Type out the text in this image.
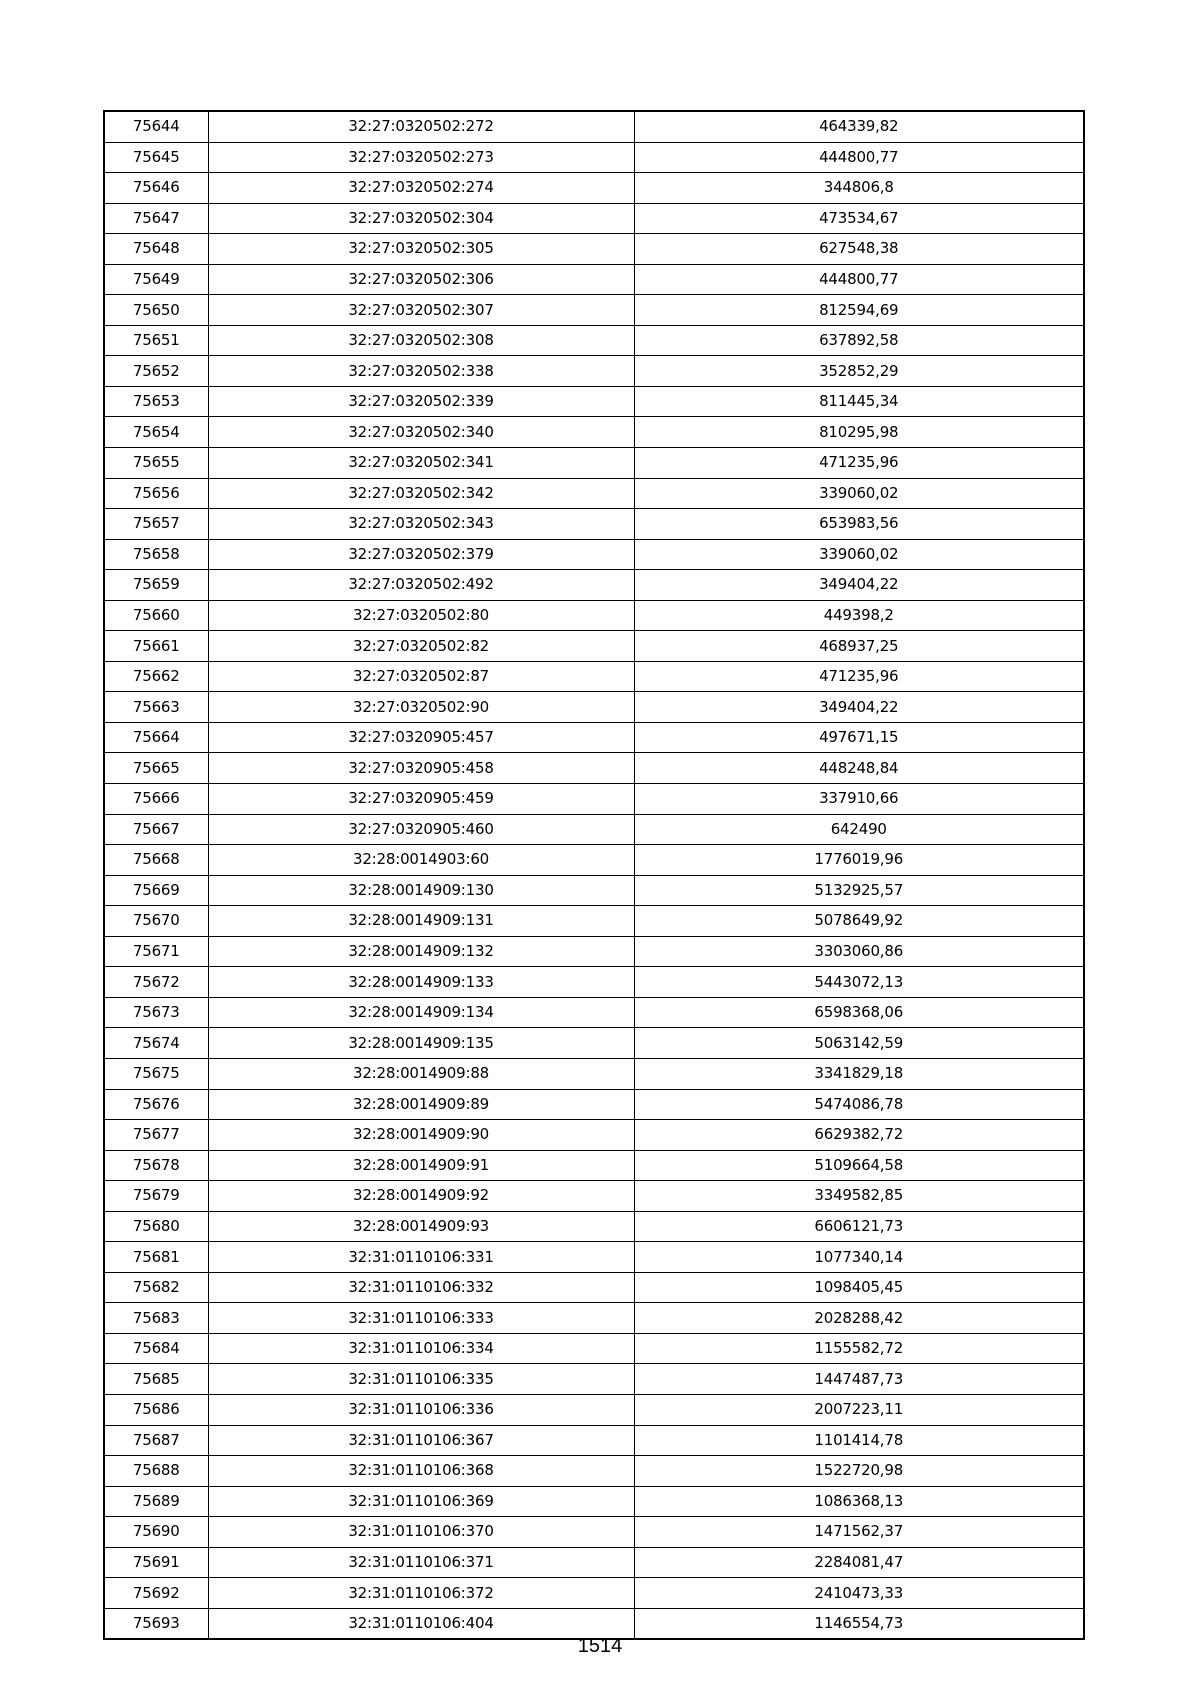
75644	32:27:0320502:272	464339,82
75645	32:27:0320502:273	444800,77
75646	32:27:0320502:274	344806,8
75647	32:27:0320502:304	473534,67
75648	32:27:0320502:305	627548,38
75649	32:27:0320502:306	444800,77
75650	32:27:0320502:307	812594,69
75651	32:27:0320502:308	637892,58
75652	32:27:0320502:338	352852,29
75653	32:27:0320502:339	811445,34
75654	32:27:0320502:340	810295,98
75655	32:27:0320502:341	471235,96
75656	32:27:0320502:342	339060,02
75657	32:27:0320502:343	653983,56
75658	32:27:0320502:379	339060,02
75659	32:27:0320502:492	349404,22
75660	32:27:0320502:80	449398,2
75661	32:27:0320502:82	468937,25
75662	32:27:0320502:87	471235,96
75663	32:27:0320502:90	349404,22
75664	32:27:0320905:457	497671,15
75665	32:27:0320905:458	448248,84
75666	32:27:0320905:459	337910,66
75667	32:27:0320905:460	642490
75668	32:28:0014903:60	1776019,96
75669	32:28:0014909:130	5132925,57
75670	32:28:0014909:131	5078649,92
75671	32:28:0014909:132	3303060,86
75672	32:28:0014909:133	5443072,13
75673	32:28:0014909:134	6598368,06
75674	32:28:0014909:135	5063142,59
75675	32:28:0014909:88	3341829,18
75676	32:28:0014909:89	5474086,78
75677	32:28:0014909:90	6629382,72
75678	32:28:0014909:91	5109664,58
75679	32:28:0014909:92	3349582,85
75680	32:28:0014909:93	6606121,73
75681	32:31:0110106:331	1077340,14
75682	32:31:0110106:332	1098405,45
75683	32:31:0110106:333	2028288,42
75684	32:31:0110106:334	1155582,72
75685	32:31:0110106:335	1447487,73
75686	32:31:0110106:336	2007223,11
75687	32:31:0110106:367	1101414,78
75688	32:31:0110106:368	1522720,98
75689	32:31:0110106:369	1086368,13
75690	32:31:0110106:370	1471562,37
75691	32:31:0110106:371	2284081,47
75692	32:31:0110106:372	2410473,33
75693	32:31:0110106:404	1146554,73
1514
